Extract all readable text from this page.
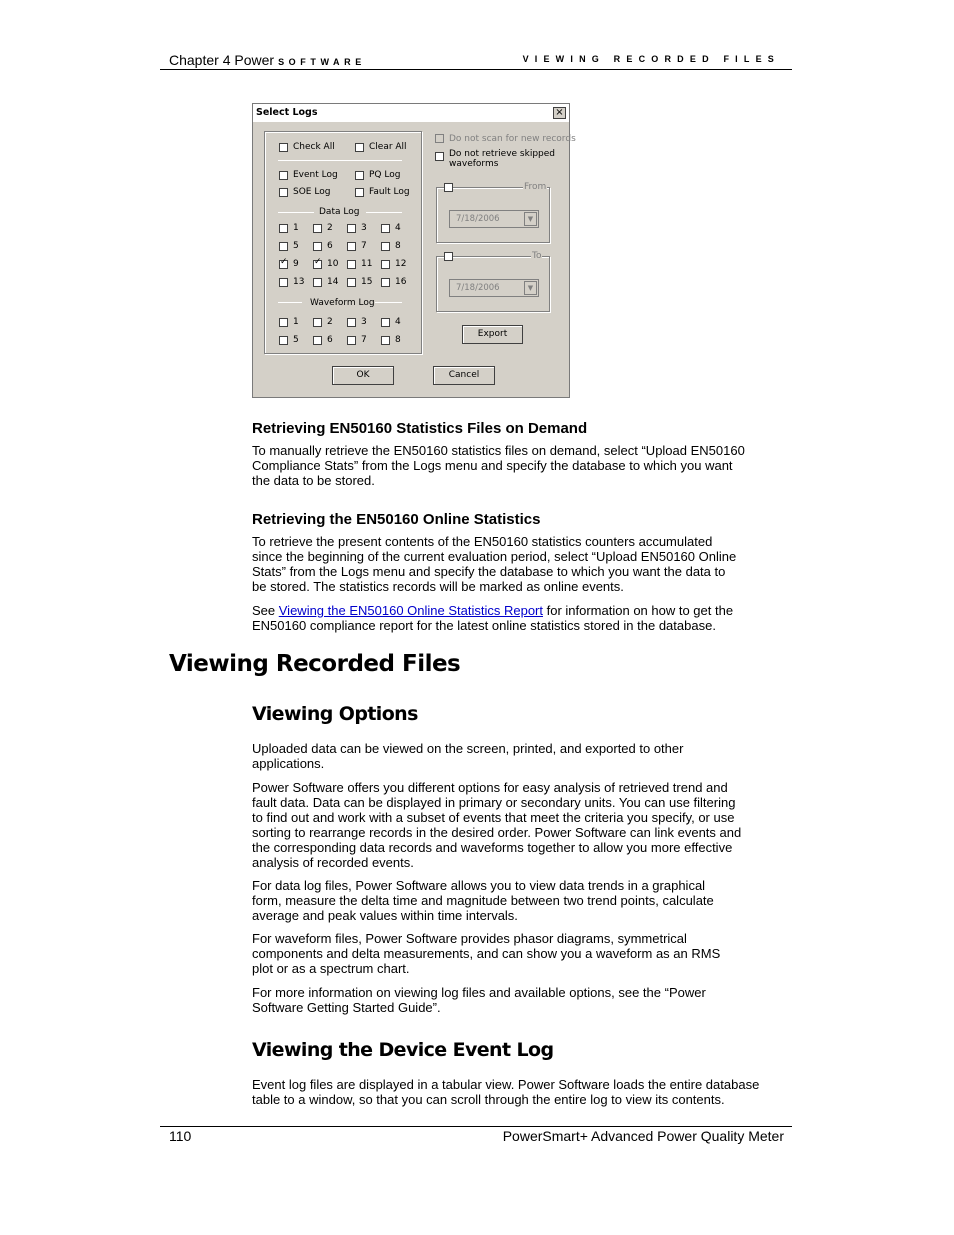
Chapter 4 Power SOFTWARE	VIEWING RECORDED FILES
Select Logs	×
Check All	Clear All
Event Log	PQ Log
SOE Log	Fault Log
Data Log
1	2	3	4
5	6	7	8
✓
9
✓	10	11	12
13	14	15	16
Waveform Log
1	2	3	4
5	6	7	8
Do not scan for new records
Do not retrieve skipped waveforms
From
7/18/2006	▼
To
7/18/2006	▼
Export
OK	Cancel
Retrieving EN50160 Statistics Files on Demand
To manually retrieve the EN50160 statistics files on demand, select “Upload EN50160 Compliance Stats” from the Logs menu and specify the database to which you want the data to be stored.
Retrieving the EN50160 Online Statistics
To retrieve the present contents of the EN50160 statistics counters accumulated since the beginning of the current evaluation period, select “Upload EN50160 Online Stats” from the Logs menu and specify the database to which you want the data to be stored. The statistics records will be marked as online events.
See Viewing the EN50160 Online Statistics Report for information on how to get the EN50160 compliance report for the latest online statistics stored in the database.
Viewing Recorded Files
Viewing Options
Uploaded data can be viewed on the screen, printed, and exported to other applications.
Power Software offers you different options for easy analysis of retrieved trend and fault data. Data can be displayed in primary or secondary units. You can use filtering to find out and work with a subset of events that meet the criteria you specify, or use sorting to rearrange records in the desired order. Power Software can link events and the corresponding data records and waveforms together to allow you more effective analysis of recorded events.
For data log files, Power Software allows you to view data trends in a graphical form, measure the delta time and magnitude between two trend points, calculate average and peak values within time intervals.
For waveform files, Power Software provides phasor diagrams, symmetrical components and delta measurements, and can show you a waveform as an RMS plot or as a spectrum chart.
For more information on viewing log files and available options, see the “Power Software Getting Started Guide”.
Viewing the Device Event Log
Event log files are displayed in a tabular view. Power Software loads the entire database table to a window, so that you can scroll through the entire log to view its contents.
110	PowerSmart+ Advanced Power Quality Meter
